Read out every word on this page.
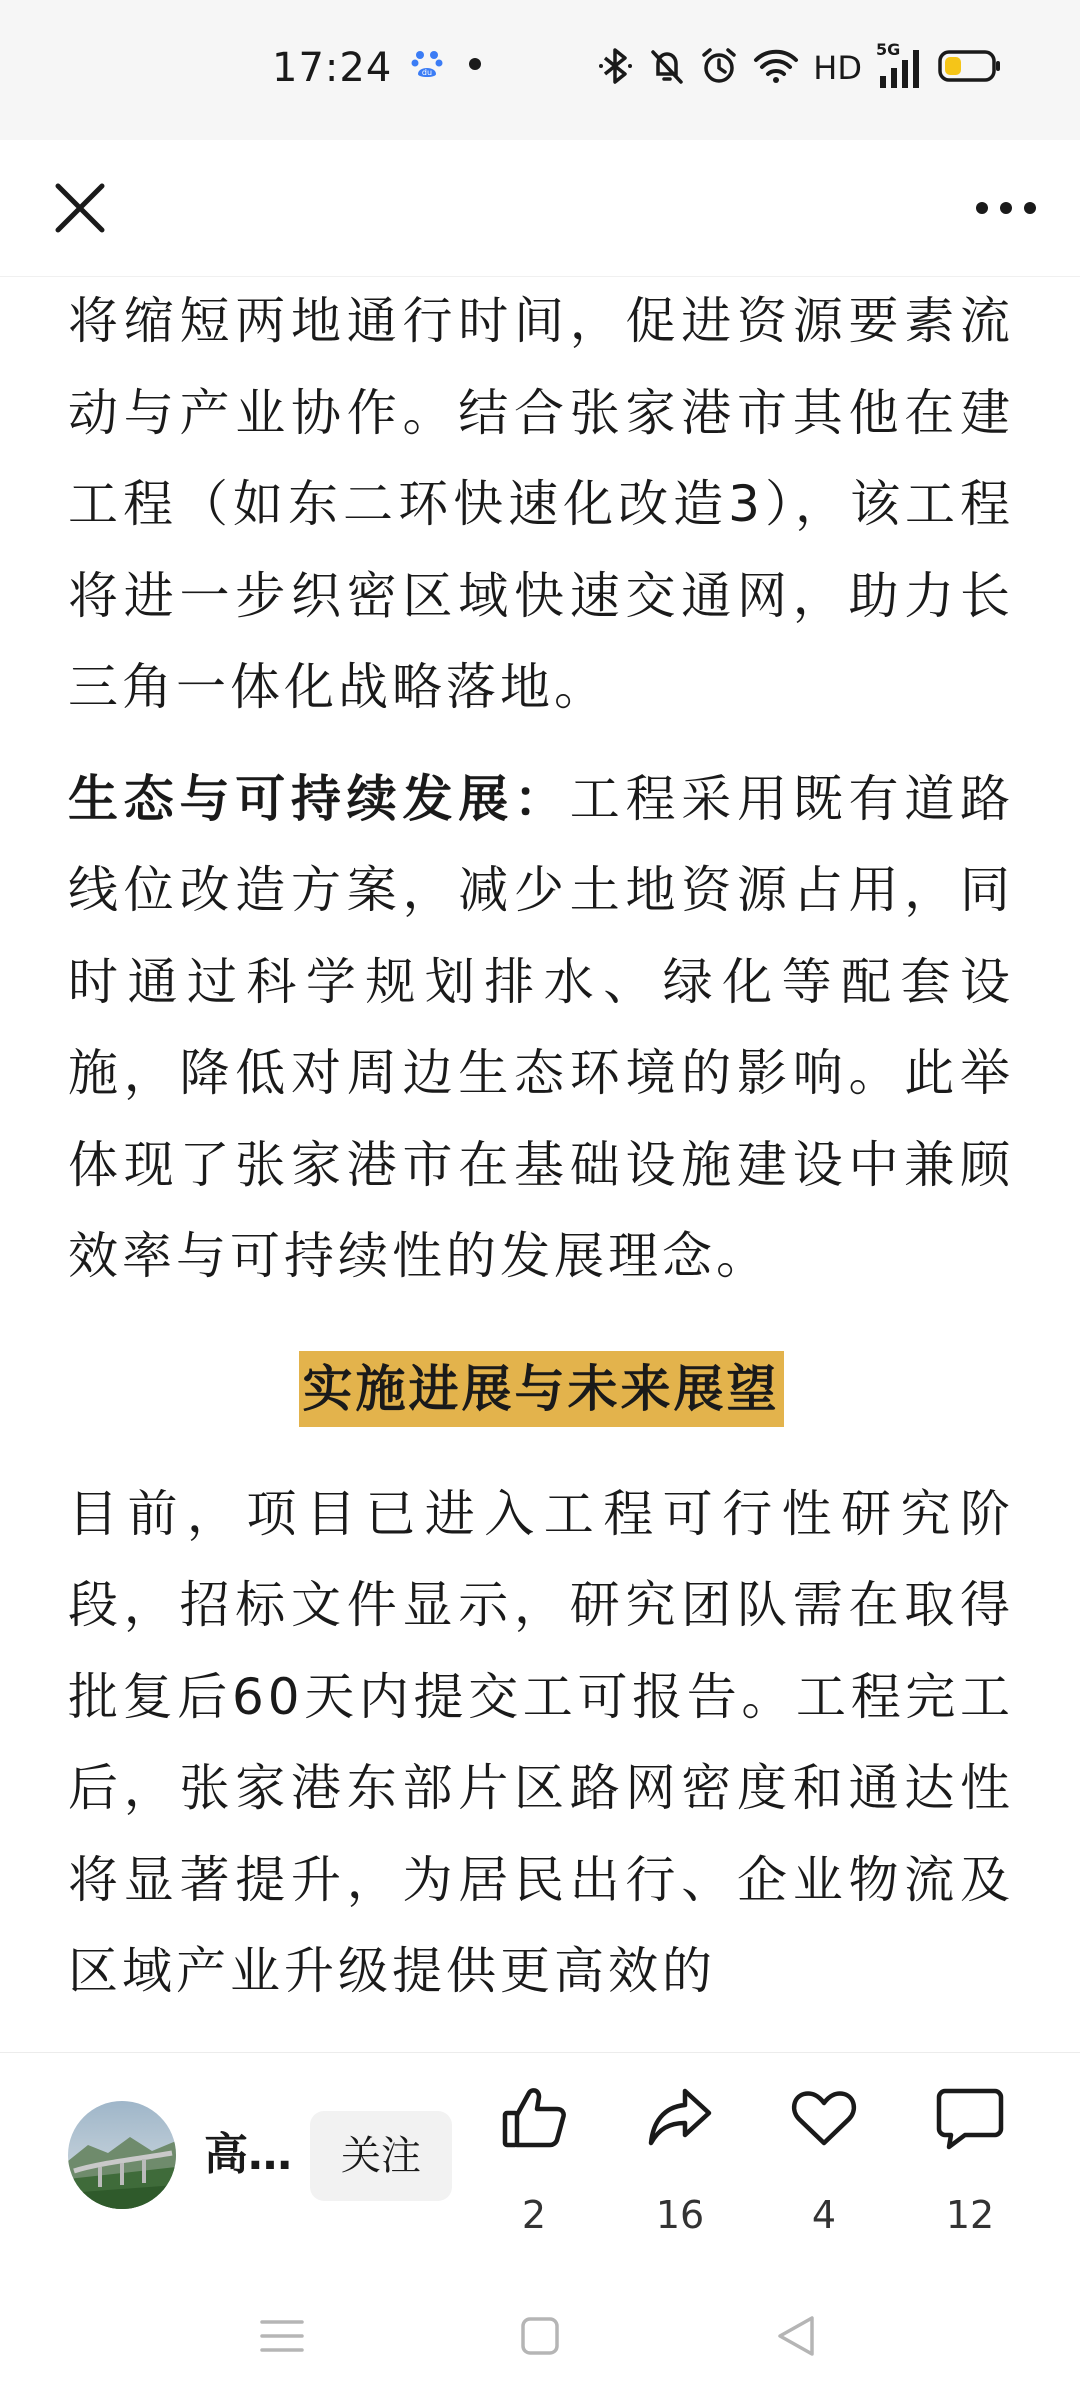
17:24	du	HD 5G

将缩短两地通行时间，促进资源要素流动与产业协作。结合张家港市其他在建工程（如东二环快速化改造3），该工程将进一步织密区域快速交通网，助力长三角一体化战略落地。

生态与可持续发展：工程采用既有道路线位改造方案，减少土地资源占用，同时通过科学规划排水、绿化等配套设施，降低对周边生态环境的影响。此举体现了张家港市在基础设施建设中兼顾效率与可持续性的发展理念。

实施进展与未来展望

目前，项目已进入工程可行性研究阶段，招标文件显示，研究团队需在取得批复后60天内提交工可报告。工程完工后，张家港东部片区路网密度和通达性将显著提升，为居民出行、企业物流及区域产业升级提供更高效的

高…	关注
2	16	4	12
